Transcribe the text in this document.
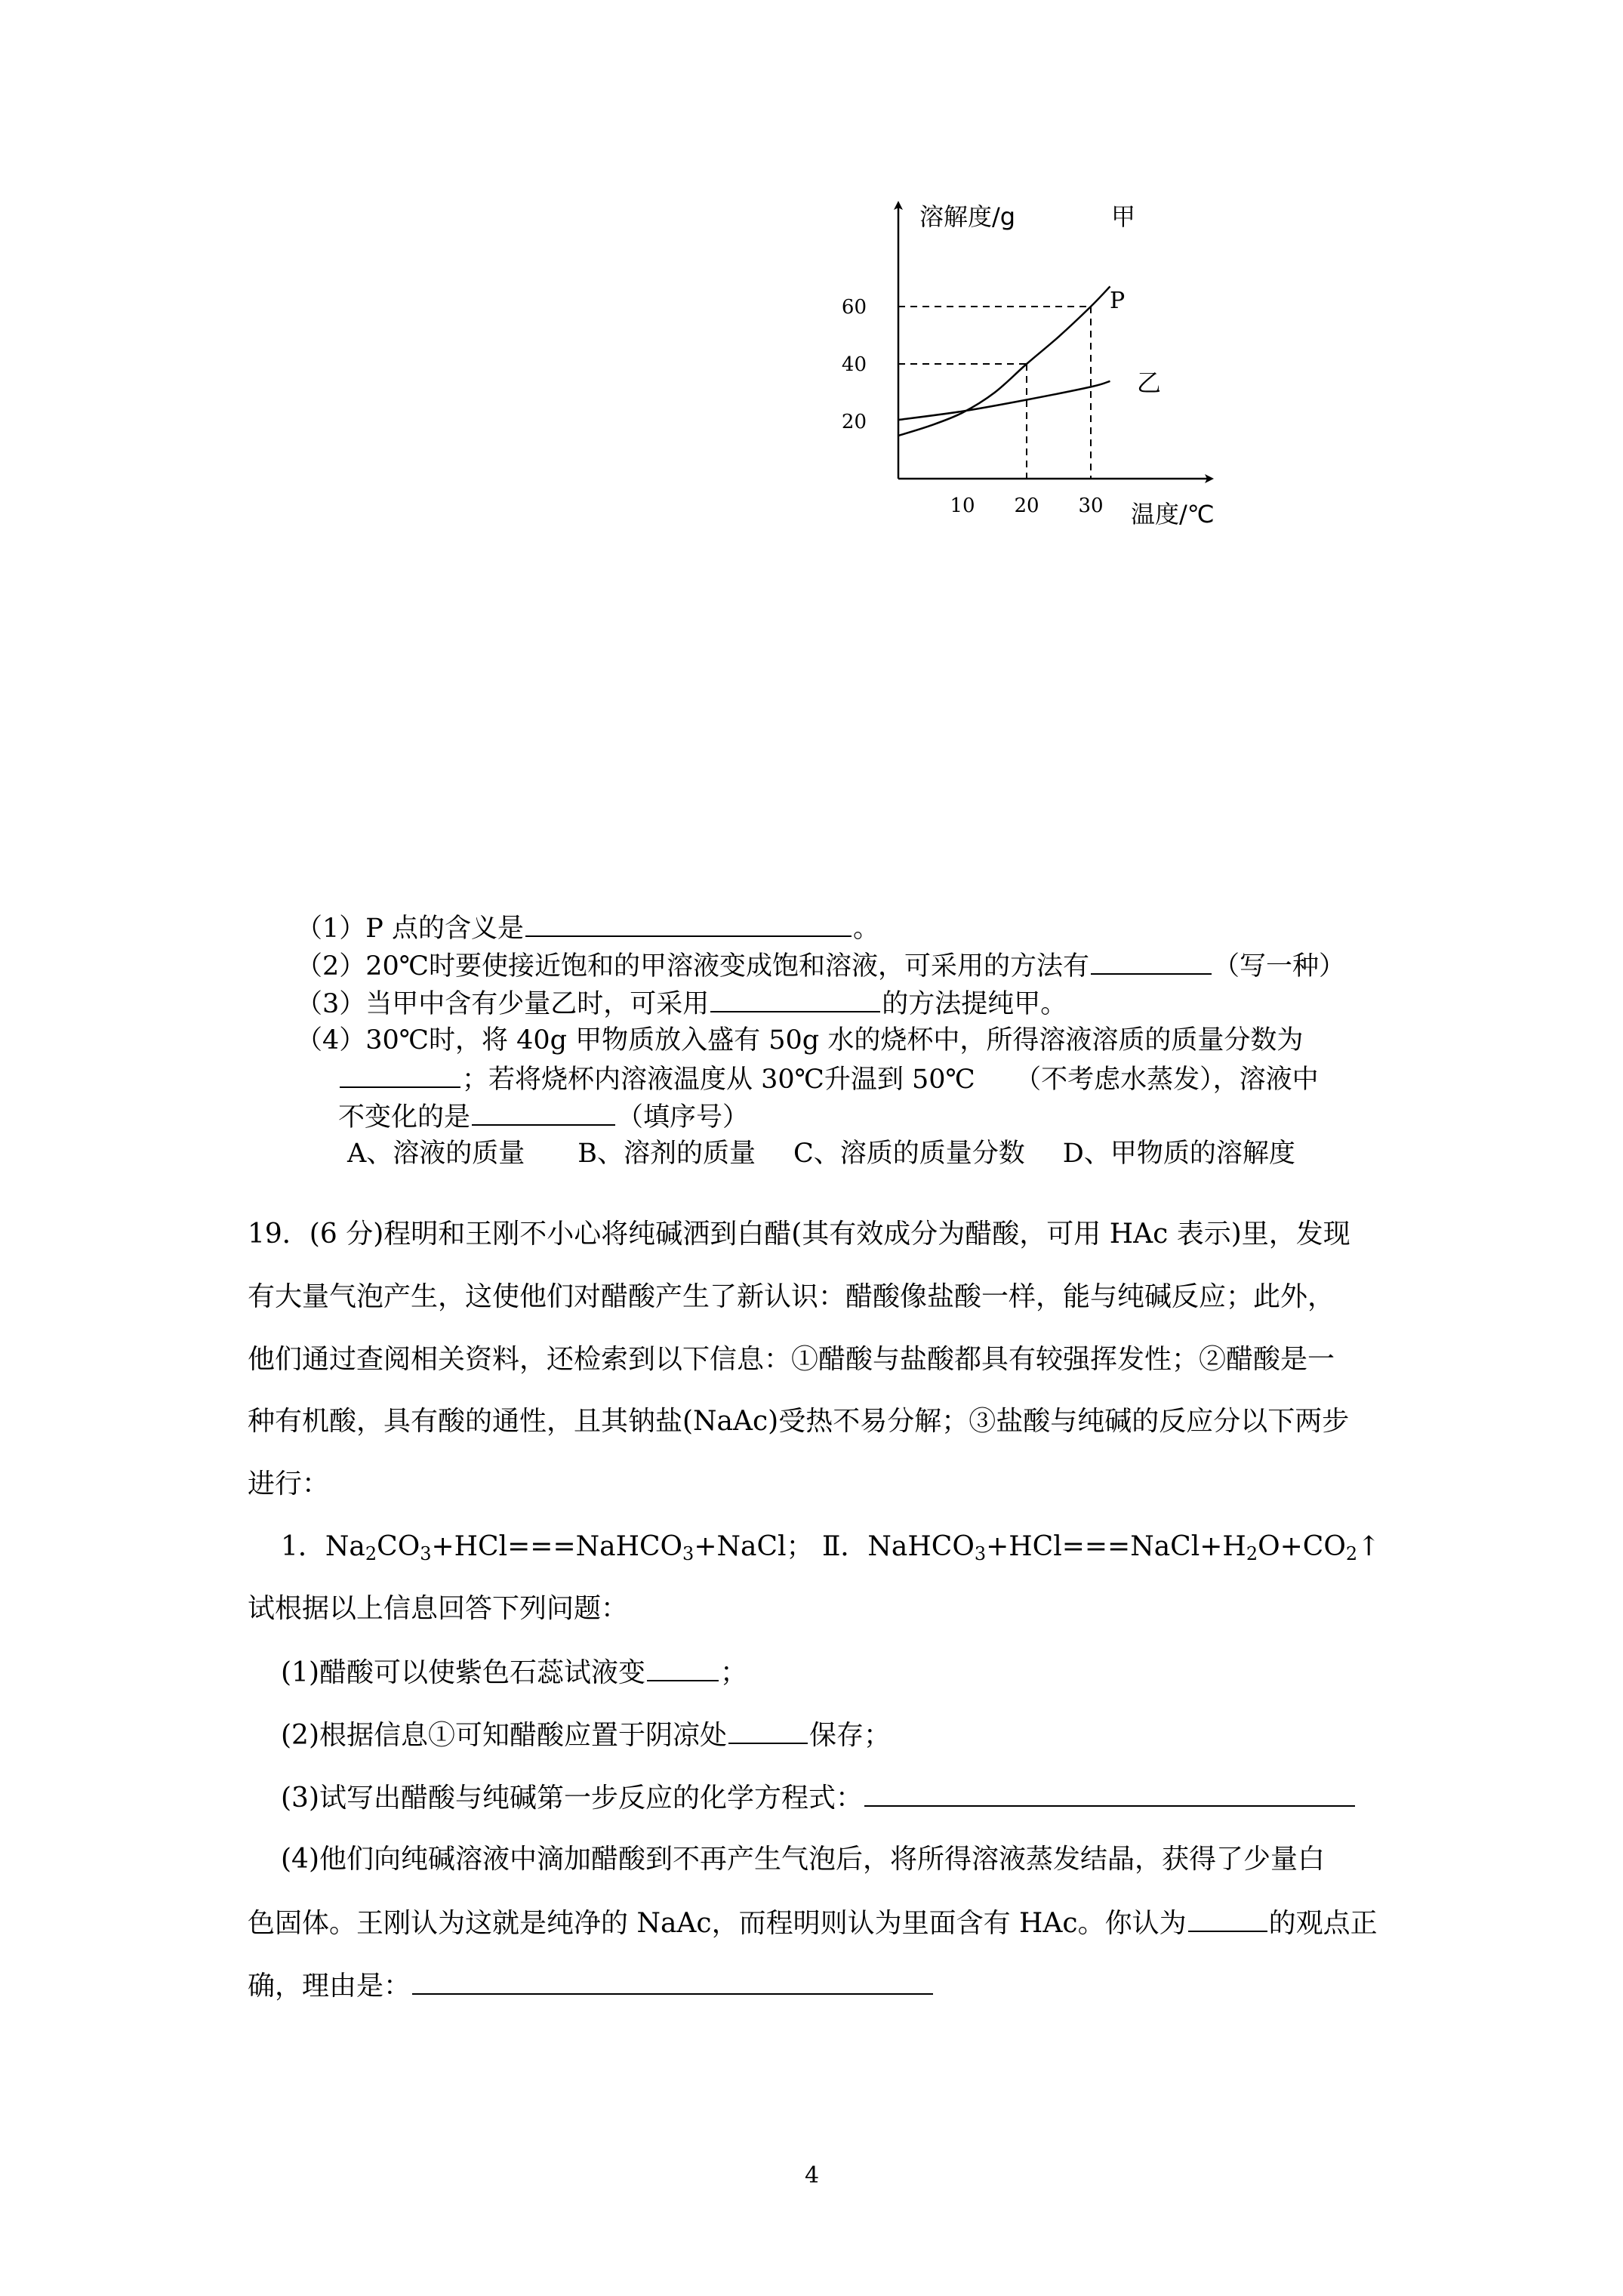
溶解度/g
温度/℃
10 20 30
20
40
60
甲
乙
P
（1）P 点的含义是	。
（2）20℃时要使接近饱和的甲溶液变成饱和溶液，可采用的方法有	（写一种）
（3）当甲中含有少量乙时，可采用	的方法提纯甲。
（4）30℃时，将 40g 甲物质放入盛有 50g 水的烧杯中，所得溶液溶质的质量分数为
；若将烧杯内溶液温度从 30℃升温到 50℃　　（不考虑水蒸发），溶液中
不变化的是	（填序号）
A、溶液的质量 B、溶剂的质量 C、溶质的质量分数 D、甲物质的溶解度
19．(6 分)程明和王刚不小心将纯碱洒到白醋(其有效成分为醋酸，可用 HAc 表示)里，发现
有大量气泡产生，这使他们对醋酸产生了新认识：醋酸像盐酸一样，能与纯碱反应；此外，
他们通过查阅相关资料，还检索到以下信息：①醋酸与盐酸都具有较强挥发性；②醋酸是一
种有机酸，具有酸的通性，且其钠盐(NaAc)受热不易分解；③盐酸与纯碱的反应分以下两步
进行：
1．$Na_2CO_3+HCl===NaHCO_3+NaCl$； Ⅱ．$NaHCO_3+HCl===NaCl+H_2O+CO_2↑$
试根据以上信息回答下列问题：
(1)醋酸可以使紫色石蕊试液变	；
(2)根据信息①可知醋酸应置于阴凉处	保存；
(3)试写出醋酸与纯碱第一步反应的化学方程式：
(4)他们向纯碱溶液中滴加醋酸到不再产生气泡后，将所得溶液蒸发结晶，获得了少量白
色固体。王刚认为这就是纯净的 NaAc，而程明则认为里面含有 HAc。你认为	的观点正
确，理由是：
4
